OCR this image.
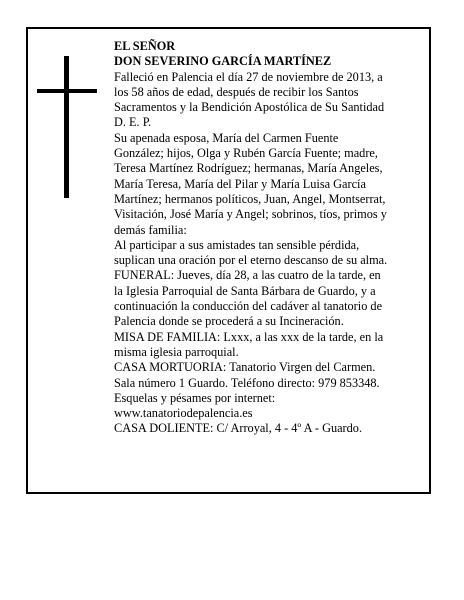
EL SEÑOR
DON SEVERINO GARCÍA MARTÍNEZ
Falleció en Palencia el día 27 de noviembre de 2013, a
los 58 años de edad, después de recibir los Santos
Sacramentos y la Bendición Apostólica de Su Santidad
D. E. P.
Su apenada esposa, María del Carmen Fuente
González; hijos, Olga y Rubén García Fuente; madre,
Teresa Martínez Rodríguez; hermanas, María Angeles,
María Teresa, María del Pilar y María Luisa García
Martínez; hermanos políticos, Juan, Angel, Montserrat,
Visitación, José María y Angel; sobrinos, tíos, primos y
demás familia:
Al participar a sus amistades tan sensible pérdida,
suplican una oración por el eterno descanso de su alma.
FUNERAL: Jueves, día 28, a las cuatro de la tarde, en
la Iglesia Parroquial de Santa Bárbara de Guardo, y a
continuación la conducción del cadáver al tanatorio de
Palencia donde se procederá a su Incineración.
MISA DE FAMILIA: Lxxx, a las xxx de la tarde, en la
misma iglesia parroquial.
CASA MORTUORIA: Tanatorio Virgen del Carmen.
Sala número 1 Guardo. Teléfono directo: 979 853348.
Esquelas y pésames por internet:
www.tanatoriodepalencia.es
CASA DOLIENTE: C/ Arroyal, 4 - 4º A - Guardo.
